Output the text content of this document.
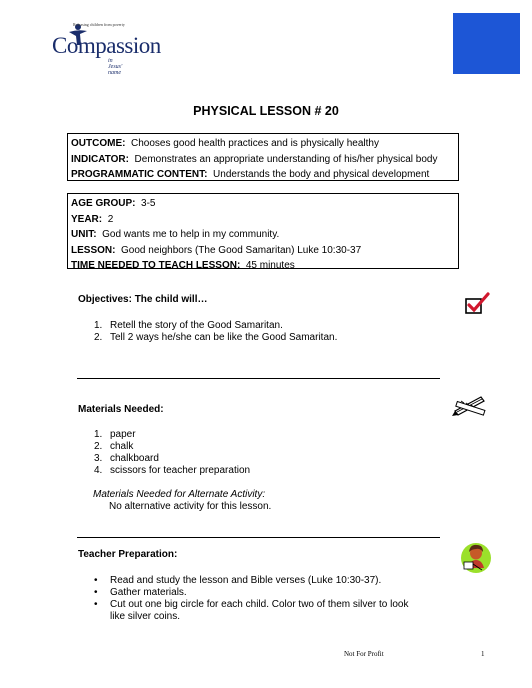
Releasing children from poverty
Compassion
in Jesus' name
PHYSICAL LESSON # 20
OUTCOME: Chooses good health practices and is physically healthy
INDICATOR: Demonstrates an appropriate understanding of his/her physical body
PROGRAMMATIC CONTENT: Understands the body and physical development
AGE GROUP: 3-5
YEAR: 2
UNIT: God wants me to help in my community.
LESSON: Good neighbors (The Good Samaritan) Luke 10:30-37
TIME NEEDED TO TEACH LESSON: 45 minutes
Objectives: The child will…
1. Retell the story of the Good Samaritan.
2. Tell 2 ways he/she can be like the Good Samaritan.
Materials Needed:
1. paper
2. chalk
3. chalkboard
4. scissors for teacher preparation
Materials Needed for Alternate Activity:
No alternative activity for this lesson.
Teacher Preparation:
•	Read and study the lesson and Bible verses (Luke 10:30-37).
•	Gather materials.
•	Cut out one big circle for each child. Color two of them silver to look
like silver coins.
Not For Profit	1
